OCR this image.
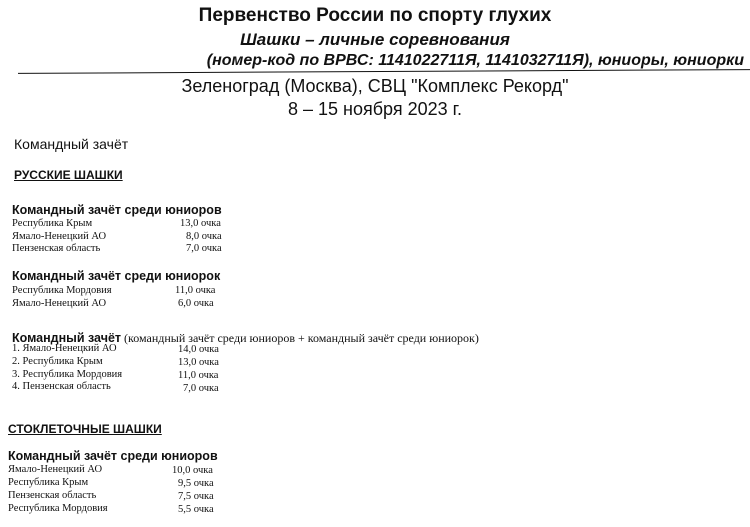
Первенство России по спорту глухих
Шашки – личные соревнования
(номер-код по ВРВС: 1141022711Я, 1141032711Я), юниоры, юниорки
Зеленоград (Москва), СВЦ "Комплекс Рекорд"
8 – 15 ноября 2023 г.
Командный зачёт
РУССКИЕ ШАШКИ
Командный зачёт среди юниоров
Республика Крым	13,0 очка
Ямало-Ненецкий АО	8,0 очка
Пензенская область	7,0 очка
Командный зачёт среди юниорок
Республика Мордовия	11,0 очка
Ямало-Ненецкий АО	6,0 очка
Командный зачёт (командный зачёт среди юниоров + командный зачёт среди юниорок)
1. Ямало-Ненецкий АО	14,0 очка
2. Республика Крым	13,0 очка
3. Республика Мордовия	11,0 очка
4. Пензенская область	7,0 очка
СТОКЛЕТОЧНЫЕ ШАШКИ
Командный зачёт среди юниоров
Ямало-Ненецкий АО	10,0 очка
Республика Крым	9,5 очка
Пензенская область	7,5 очка
Республика Мордовия	5,5 очка
